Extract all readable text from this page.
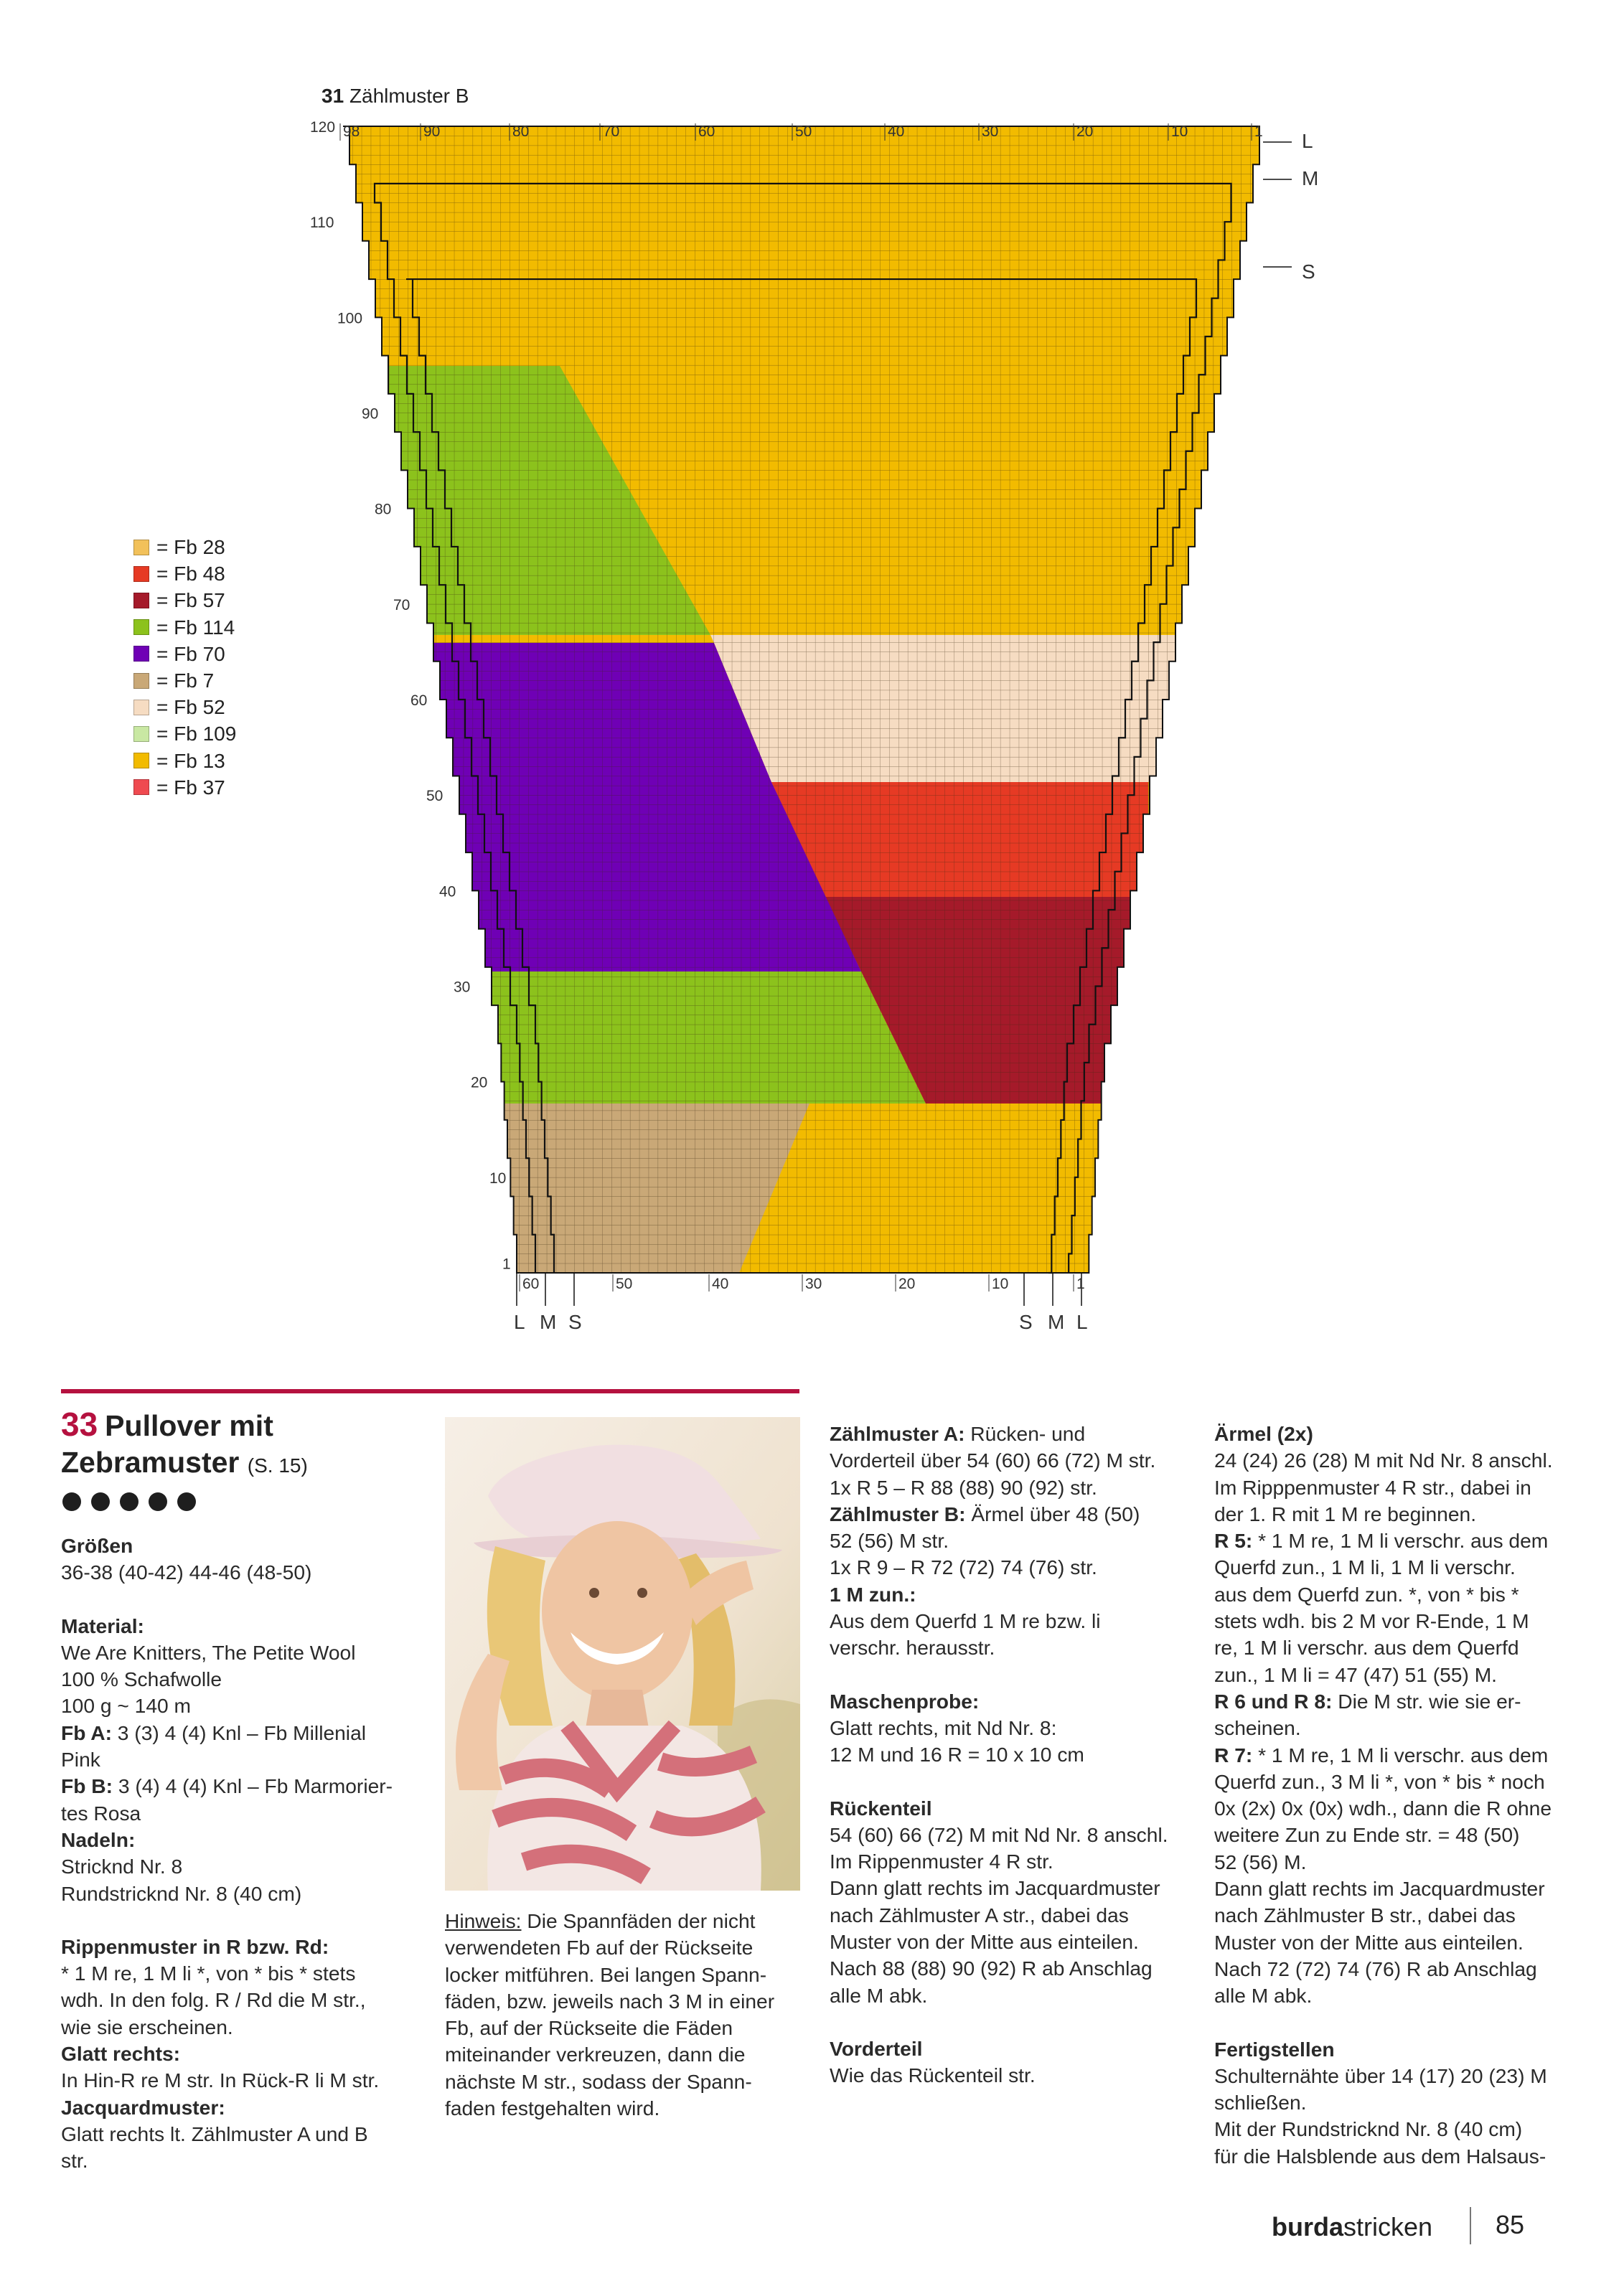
31 Zählmuster B
98	90	80	70	60	50	40	30	20	10	1
60	50	40	30	20	10	1
120
110
100
90
80
70
60
50
40
30
20
10
1
L
M
S
L M S	S M L
= Fb 28
= Fb 48
= Fb 57
= Fb 114
= Fb 70
= Fb 7
= Fb 52
= Fb 109
= Fb 13
= Fb 37
33 Pullover mit
Zebramuster (S. 15)

Größen

36-38 (40-42) 44-46 (48-50)

Material:

We Are Knitters, The Petite Wool

100 % Schafwolle

100 g ~ 140 m

Fb A: 3 (3) 4 (4) Knl – Fb Millenial

Pink

Fb B: 3 (4) 4 (4) Knl – Fb Marmorier-

tes Rosa

Nadeln:

Stricknd Nr. 8

Rundstricknd Nr. 8 (40 cm)

Rippenmuster in R bzw. Rd:

* 1 M re, 1 M li *, von * bis * stets

wdh. In den folg. R / Rd die M str.,

wie sie erscheinen.

Glatt rechts:

In Hin-R re M str. In Rück-R li M str.

Jacquardmuster:

Glatt rechts lt. Zählmuster A und B

str.

Hinweis: Die Spannfäden der nicht

verwendeten Fb auf der Rückseite

locker mitführen. Bei langen Spann-

fäden, bzw. jeweils nach 3 M in einer

Fb, auf der Rückseite die Fäden

miteinander verkreuzen, dann die

nächste M str., sodass der Spann-

faden festgehalten wird.

Zählmuster A: Rücken- und

Vorderteil über 54 (60) 66 (72) M str.

1x R 5 – R 88 (88) 90 (92) str.

Zählmuster B: Ärmel über 48 (50)

52 (56) M str.

1x R 9 – R 72 (72) 74 (76) str.

1 M zun.:

Aus dem Querfd 1 M re bzw. li

verschr. herausstr.

Maschenprobe:

Glatt rechts, mit Nd Nr. 8:

12 M und 16 R = 10 x 10 cm

Rückenteil

54 (60) 66 (72) M mit Nd Nr. 8 anschl.

Im Rippenmuster 4 R str.

Dann glatt rechts im Jacquardmuster

nach Zählmuster A str., dabei das

Muster von der Mitte aus einteilen.

Nach 88 (88) 90 (92) R ab Anschlag

alle M abk.

Vorderteil

Wie das Rückenteil str.

Ärmel (2x)

24 (24) 26 (28) M mit Nd Nr. 8 anschl.

Im Ripppenmuster 4 R str., dabei in

der 1. R mit 1 M re beginnen.

R 5: * 1 M re, 1 M li verschr. aus dem

Querfd zun., 1 M li, 1 M li verschr.

aus dem Querfd zun. *, von * bis *

stets wdh. bis 2 M vor R-Ende, 1 M

re, 1 M li verschr. aus dem Querfd

zun., 1 M li = 47 (47) 51 (55) M.

R 6 und R 8: Die M str. wie sie er-

scheinen.

R 7: * 1 M re, 1 M li verschr. aus dem

Querfd zun., 3 M li *, von * bis * noch

0x (2x) 0x (0x) wdh., dann die R ohne

weitere Zun zu Ende str. = 48 (50)

52 (56) M.

Dann glatt rechts im Jacquardmuster

nach Zählmuster B str., dabei das

Muster von der Mitte aus einteilen.

Nach 72 (72) 74 (76) R ab Anschlag

alle M abk.

Fertigstellen

Schulternähte über 14 (17) 20 (23) M

schließen.

Mit der Rundstricknd Nr. 8 (40 cm)

für die Halsblende aus dem Halsaus-

burdastricken 85
